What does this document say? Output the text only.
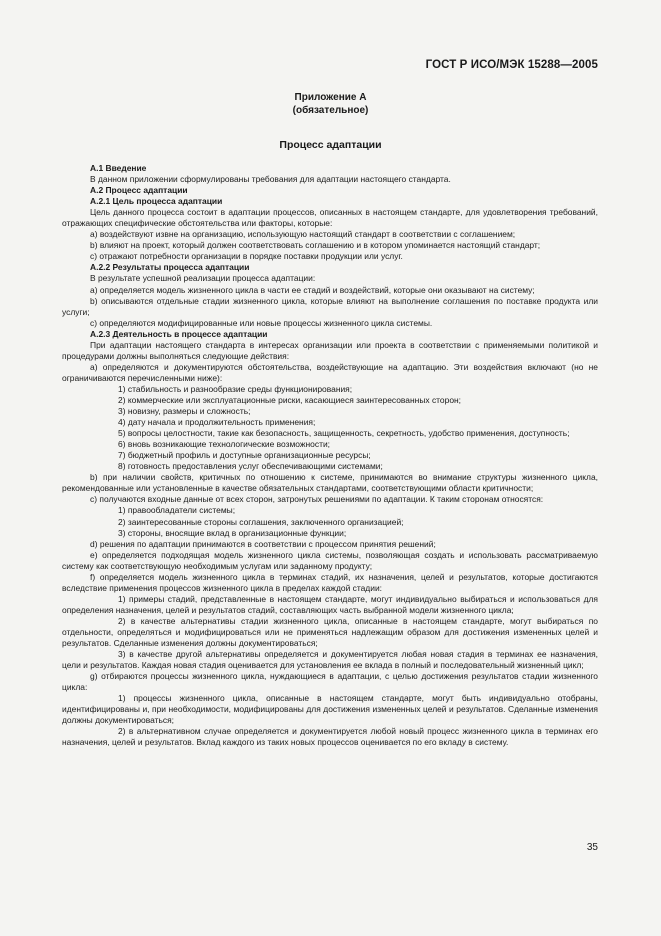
ГОСТ Р ИСО/МЭК 15288—2005
Приложение А
(обязательное)
Процесс адаптации
А.1 Введение
В данном приложении сформулированы требования для адаптации настоящего стандарта.
А.2 Процесс адаптации
А.2.1 Цель процесса адаптации
Цель данного процесса состоит в адаптации процессов, описанных в настоящем стандарте, для удовлетворения требований, отражающих специфические обстоятельства или факторы, которые:
a) воздействуют извне на организацию, использующую настоящий стандарт в соответствии с соглашением;
b) влияют на проект, который должен соответствовать соглашению и в котором упоминается настоящий стандарт;
c) отражают потребности организации в порядке поставки продукции или услуг.
А.2.2 Результаты процесса адаптации
В результате успешной реализации процесса адаптации:
a) определяется модель жизненного цикла в части ее стадий и воздействий, которые они оказывают на систему;
b) описываются отдельные стадии жизненного цикла, которые влияют на выполнение соглашения по поставке продукта или услуги;
c) определяются модифицированные или новые процессы жизненного цикла системы.
А.2.3 Деятельность в процессе адаптации
При адаптации настоящего стандарта в интересах организации или проекта в соответствии с применяемыми политикой и процедурами должны выполняться следующие действия:
a) определяются и документируются обстоятельства, воздействующие на адаптацию. Эти воздействия включают (но не ограничиваются перечисленными ниже):
1) стабильность и разнообразие среды функционирования;
2) коммерческие или эксплуатационные риски, касающиеся заинтересованных сторон;
3) новизну, размеры и сложность;
4) дату начала и продолжительность применения;
5) вопросы целостности, такие как безопасность, защищенность, секретность, удобство применения, доступность;
6) вновь возникающие технологические возможности;
7) бюджетный профиль и доступные организационные ресурсы;
8) готовность предоставления услуг обеспечивающими системами;
b) при наличии свойств, критичных по отношению к системе, принимаются во внимание структуры жизненного цикла, рекомендованные или установленные в качестве обязательных стандартами, соответствующими области критичности;
c) получаются входные данные от всех сторон, затронутых решениями по адаптации. К таким сторонам относятся:
1) правообладатели системы;
2) заинтересованные стороны соглашения, заключенного организацией;
3) стороны, вносящие вклад в организационные функции;
d) решения по адаптации принимаются в соответствии с процессом принятия решений;
e) определяется подходящая модель жизненного цикла системы, позволяющая создать и использовать рассматриваемую систему как соответствующую необходимым услугам или заданному продукту;
f) определяется модель жизненного цикла в терминах стадий, их назначения, целей и результатов, которые достигаются вследствие применения процессов жизненного цикла в пределах каждой стадии:
1) примеры стадий, представленные в настоящем стандарте, могут индивидуально выбираться и использоваться для определения назначения, целей и результатов стадий, составляющих часть выбранной модели жизненного цикла;
2) в качестве альтернативы стадии жизненного цикла, описанные в настоящем стандарте, могут выбираться по отдельности, определяться и модифицироваться или не применяться надлежащим образом для достижения измененных целей и результатов. Сделанные изменения должны документироваться;
3) в качестве другой альтернативы определяется и документируется любая новая стадия в терминах ее назначения, цели и результатов. Каждая новая стадия оценивается для установления ее вклада в полный и последовательный жизненный цикл;
g) отбираются процессы жизненного цикла, нуждающиеся в адаптации, с целью достижения результатов стадии жизненного цикла:
1) процессы жизненного цикла, описанные в настоящем стандарте, могут быть индивидуально отобраны, идентифицированы и, при необходимости, модифицированы для достижения измененных целей и результатов. Сделанные изменения должны документироваться;
2) в альтернативном случае определяется и документируется любой новый процесс жизненного цикла в терминах его назначения, целей и результатов. Вклад каждого из таких новых процессов оценивается по его вкладу в систему.
35
